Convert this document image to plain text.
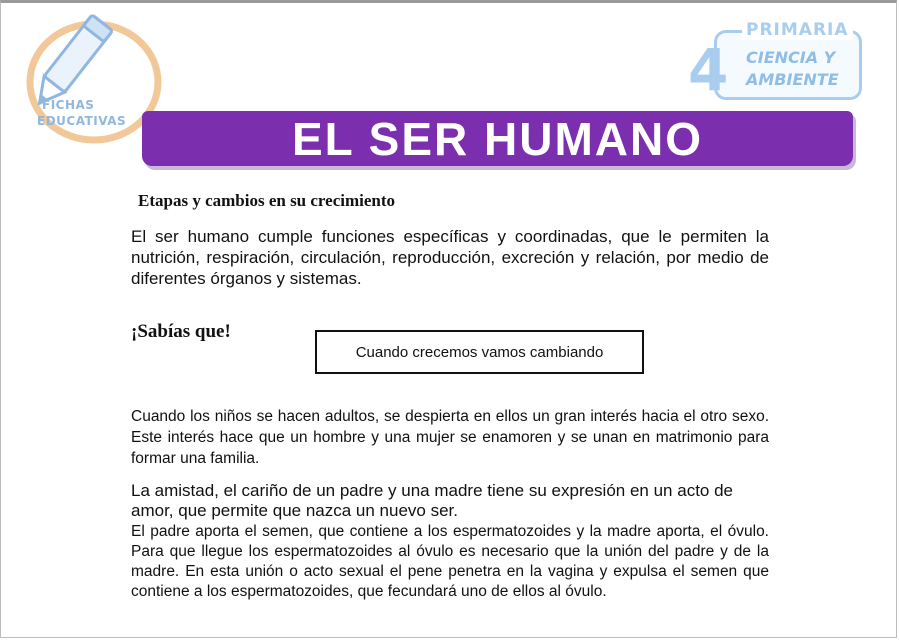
FICHAS
EDUCATIVAS
4
PRIMARIA
CIENCIA Y
AMBIENTE
EL SER HUMANO
Etapas y cambios en su crecimiento

El ser humano cumple funciones específicas y coordinadas, que le permiten la nutrición, respiración, circulación, reproducción, excreción y relación, por medio de diferentes órganos y sistemas.

¡Sabías que!
Cuando crecemos vamos cambiando

Cuando los niños se hacen adultos, se despierta en ellos un gran interés hacia el otro sexo. Este interés hace que un hombre y una mujer se enamoren y se unan en matrimonio para formar una familia.

La amistad, el cariño de un padre y una madre tiene su expresión en un acto de amor, que permite que nazca un nuevo ser.

El padre aporta el semen, que contiene a los espermatozoides y la madre aporta, el óvulo. Para que llegue los espermatozoides al óvulo es necesario que la unión del padre y de la madre. En esta unión o acto sexual el pene penetra en la vagina y expulsa el semen que contiene a los espermatozoides, que fecundará uno de ellos al óvulo.
